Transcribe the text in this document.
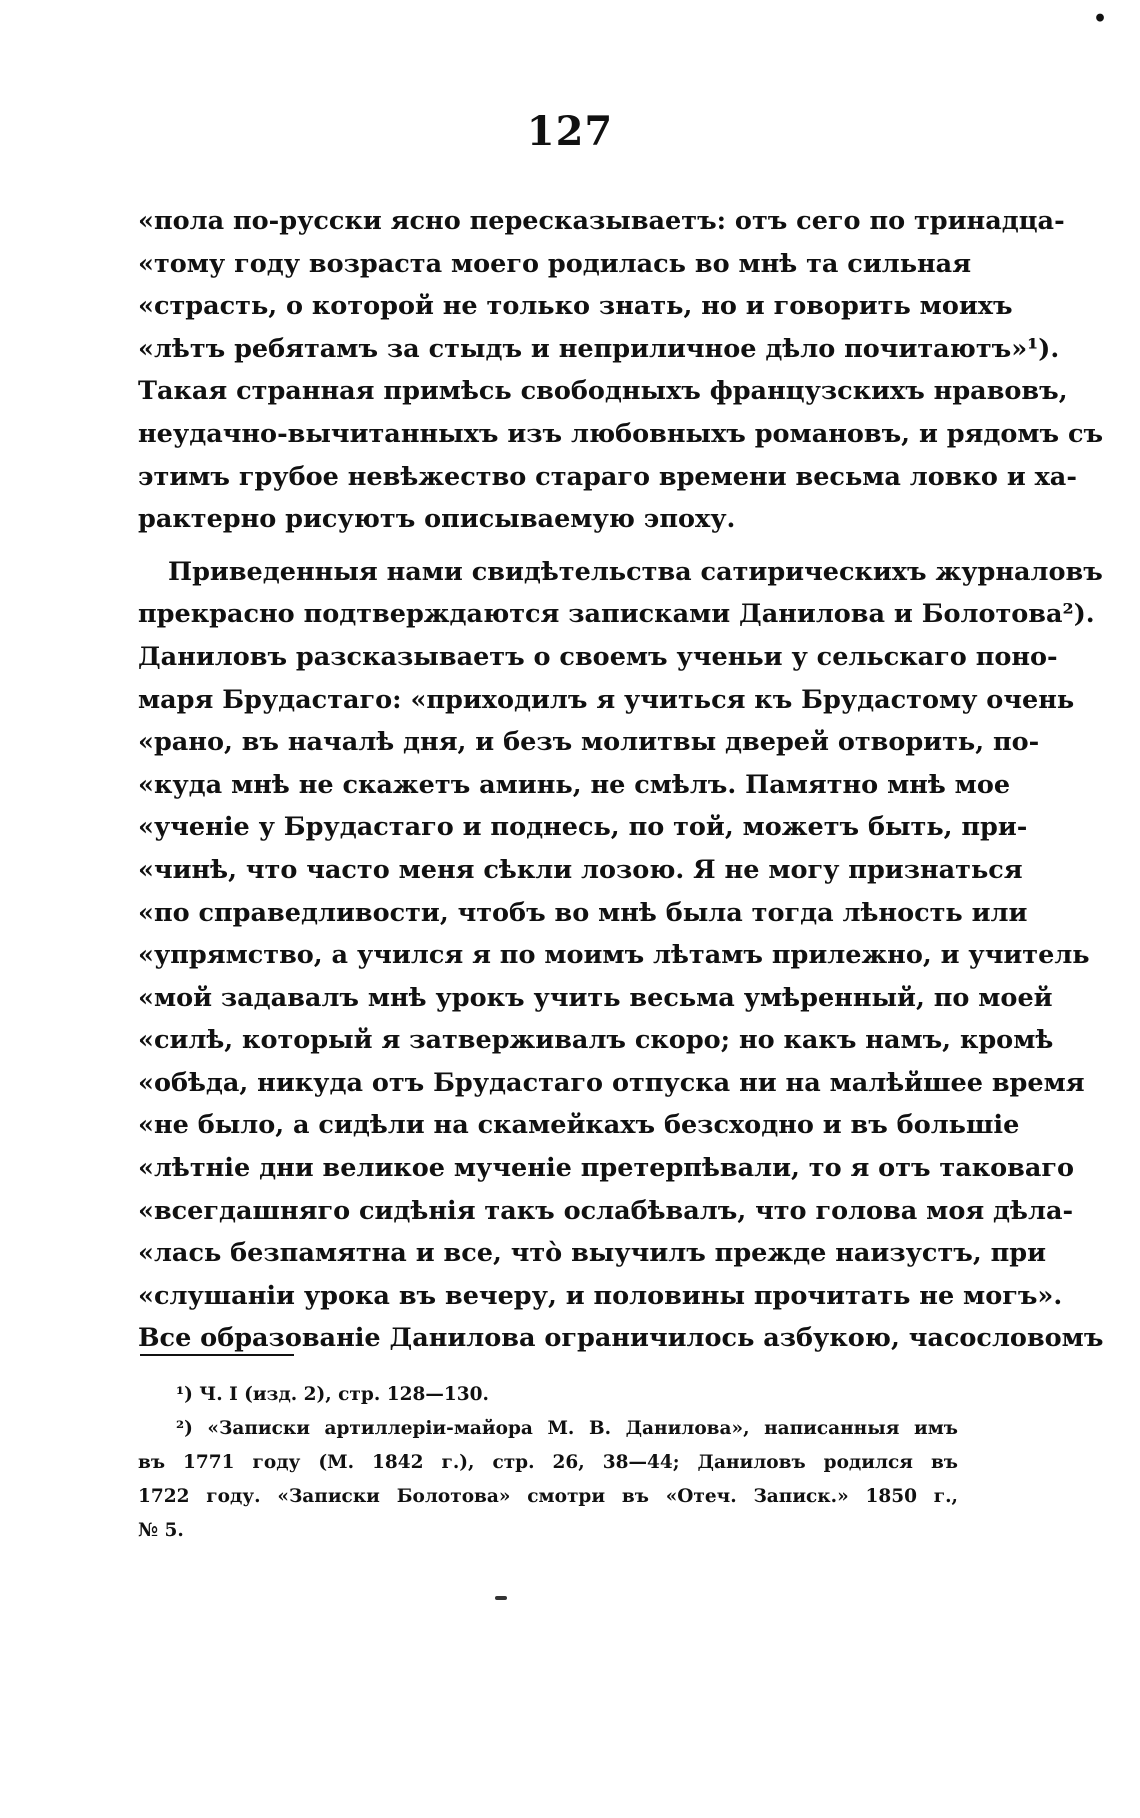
•
127
«пола по-русски ясно пересказываетъ: отъ сего по тринадца-
«тому году возраста моего родилась во мнѣ та сильная
«страсть, о которой не только знать, но и говорить моихъ
«лѣтъ ребятамъ за стыдъ и неприличное дѣло почитаютъ»¹).
Такая странная примѣсь свободныхъ французскихъ нравовъ,
неудачно-вычитанныхъ изъ любовныхъ романовъ, и рядомъ съ
этимъ грубое невѣжество стараго времени весьма ловко и ха-
рактерно рисуютъ описываемую эпоху.
Приведенныя нами свидѣтельства сатирическихъ журналовъ
прекрасно подтверждаются записками Данилова и Болотова²).
Даниловъ разсказываетъ о своемъ ученьи у сельскаго поно-
маря Брудастаго: «приходилъ я учиться къ Брудастому очень
«рано, въ началѣ дня, и безъ молитвы дверей отворить, по-
«куда мнѣ не скажетъ аминь, не смѣлъ. Памятно мнѣ мое
«ученіе у Брудастаго и поднесь, по той, можетъ быть, при-
«чинѣ, что часто меня сѣкли лозою. Я не могу признаться
«по справедливости, чтобъ во мнѣ была тогда лѣность или
«упрямство, а учился я по моимъ лѣтамъ прилежно, и учитель
«мой задавалъ мнѣ урокъ учить весьма умѣренный, по моей
«силѣ, который я затверживалъ скоро; но какъ намъ, кромѣ
«обѣда, никуда отъ Брудастаго отпуска ни на малѣйшее время
«не было, а сидѣли на скамейкахъ безсходно и въ большіе
«лѣтніе дни великое мученіе претерпѣвали, то я отъ таковаго
«всегдашняго сидѣнія такъ ослабѣвалъ, что голова моя дѣла-
«лась безпамятна и все, что̀ выучилъ прежде наизустъ, при
«слушаніи урока въ вечеру, и половины прочитать не могъ».
Все образованіе Данилова ограничилось азбукою, часословомъ
¹) Ч. I (изд. 2), стр. 128—130.
²) «Записки артиллеріи-майора М. В. Данилова», написанныя имъ
въ 1771 году (М. 1842 г.), стр. 26, 38—44; Даниловъ родился въ
1722 году. «Записки Болотова» смотри въ «Отеч. Записк.» 1850 г.,
№ 5.
